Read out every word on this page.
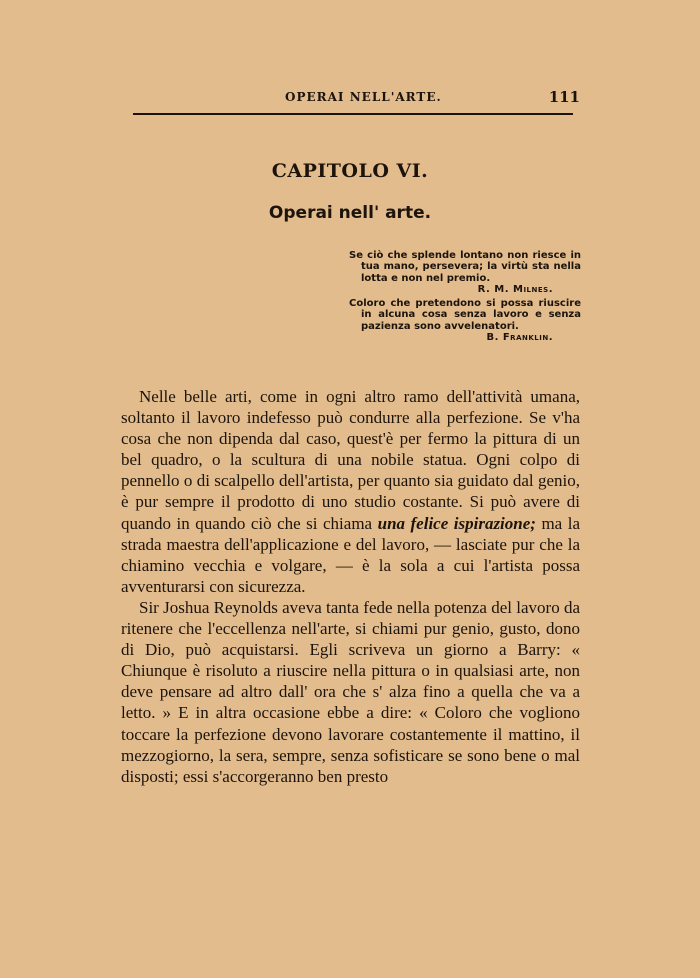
OPERAI NELL'ARTE.	111
CAPITOLO VI.
Operai nell' arte.
Se ciò che splende lontano non riesce in tua mano, persevera; la virtù sta nella lotta e non nel premio.
R. M. Milnes.
Coloro che pretendono si possa riuscire in alcuna cosa senza lavoro e senza pazienza sono avvelenatori.
B. Franklin.

Nelle belle arti, come in ogni altro ramo dell'attività umana, soltanto il lavoro indefesso può condurre alla perfezione. Se v'ha cosa che non dipenda dal caso, quest'è per fermo la pittura di un bel quadro, o la scultura di una nobile statua. Ogni colpo di pennello o di scalpello dell'artista, per quanto sia guidato dal genio, è pur sempre il prodotto di uno studio costante. Si può avere di quando in quando ciò che si chiama una felice ispirazione; ma la strada maestra dell'applicazione e del lavoro, — lasciate pur che la chiamino vecchia e volgare, — è la sola a cui l'artista possa avventurarsi con sicurezza.

Sir Joshua Reynolds aveva tanta fede nella potenza del lavoro da ritenere che l'eccellenza nell'arte, si chiami pur genio, gusto, dono di Dio, può acquistarsi. Egli scriveva un giorno a Barry: « Chiunque è risoluto a riuscire nella pittura o in qualsiasi arte, non deve pensare ad altro dall' ora che s' alza fino a quella che va a letto. » E in altra occasione ebbe a dire: « Coloro che vogliono toccare la perfezione devono lavorare costantemente il mattino, il mezzogiorno, la sera, sempre, senza sofisticare se sono bene o mal disposti; essi s'accorgeranno ben presto
